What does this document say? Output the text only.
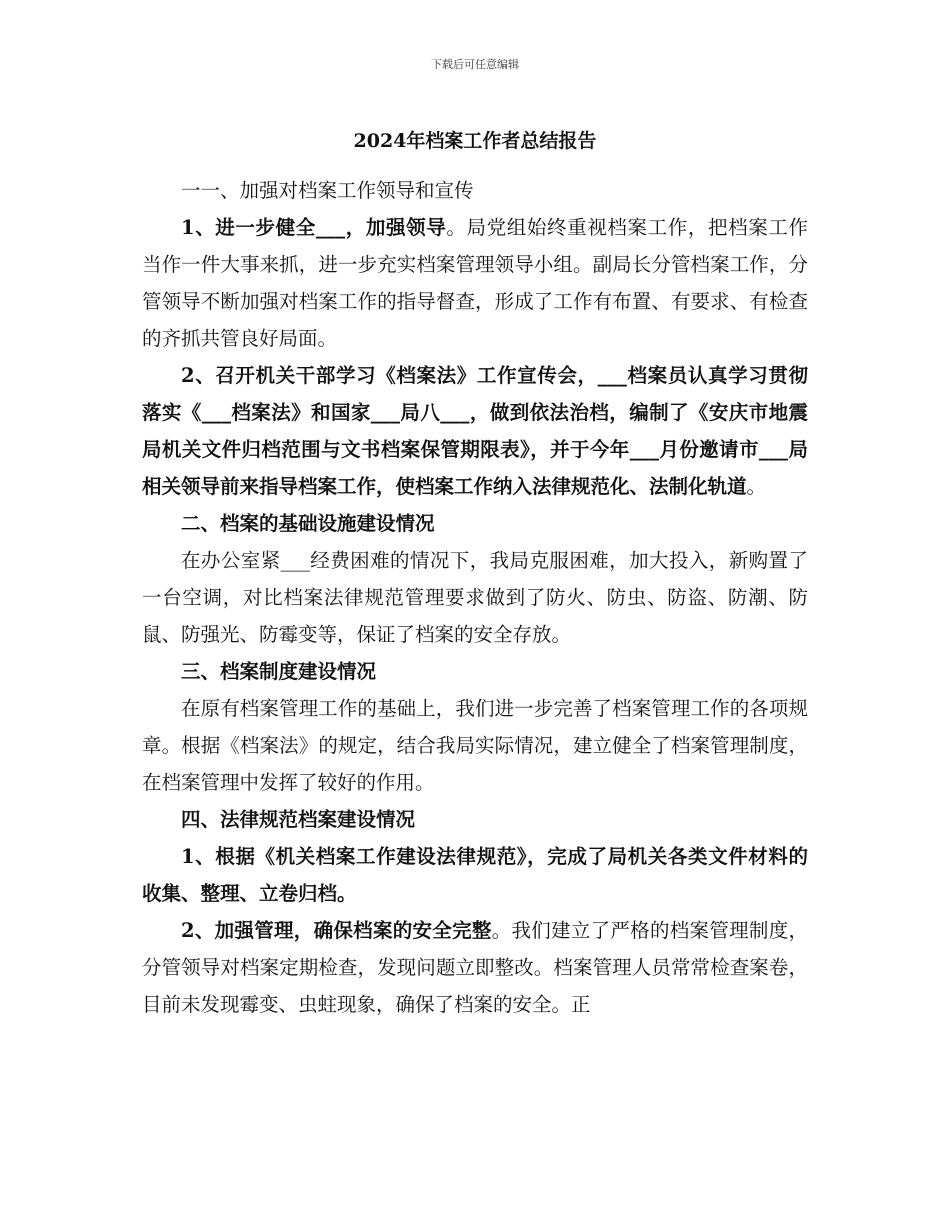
下载后可任意编辑
2024年档案工作者总结报告

一一、加强对档案工作领导和宣传

1、进一步健全___，加强领导。局党组始终重视档案工作，把档案工作当作一件大事来抓，进一步充实档案管理领导小组。副局长分管档案工作，分管领导不断加强对档案工作的指导督查，形成了工作有布置、有要求、有检查的齐抓共管良好局面。

2、召开机关干部学习《档案法》工作宣传会，___档案员认真学习贯彻落实《___档案法》和国家___局八___，做到依法治档，编制了《安庆市地震局机关文件归档范围与文书档案保管期限表》，并于今年___月份邀请市___局相关领导前来指导档案工作，使档案工作纳入法律规范化、法制化轨道。

二、档案的基础设施建设情况

在办公室紧___经费困难的情况下，我局克服困难，加大投入，新购置了一台空调，对比档案法律规范管理要求做到了防火、防虫、防盗、防潮、防鼠、防强光、防霉变等，保证了档案的安全存放。

三、档案制度建设情况

在原有档案管理工作的基础上，我们进一步完善了档案管理工作的各项规章。根据《档案法》的规定，结合我局实际情况，建立健全了档案管理制度，在档案管理中发挥了较好的作用。

四、法律规范档案建设情况

1、根据《机关档案工作建设法律规范》，完成了局机关各类文件材料的收集、整理、立卷归档。

2、加强管理，确保档案的安全完整。我们建立了严格的档案管理制度，分管领导对档案定期检查，发现问题立即整改。档案管理人员常常检查案卷，目前未发现霉变、虫蛀现象，确保了档案的安全。正
